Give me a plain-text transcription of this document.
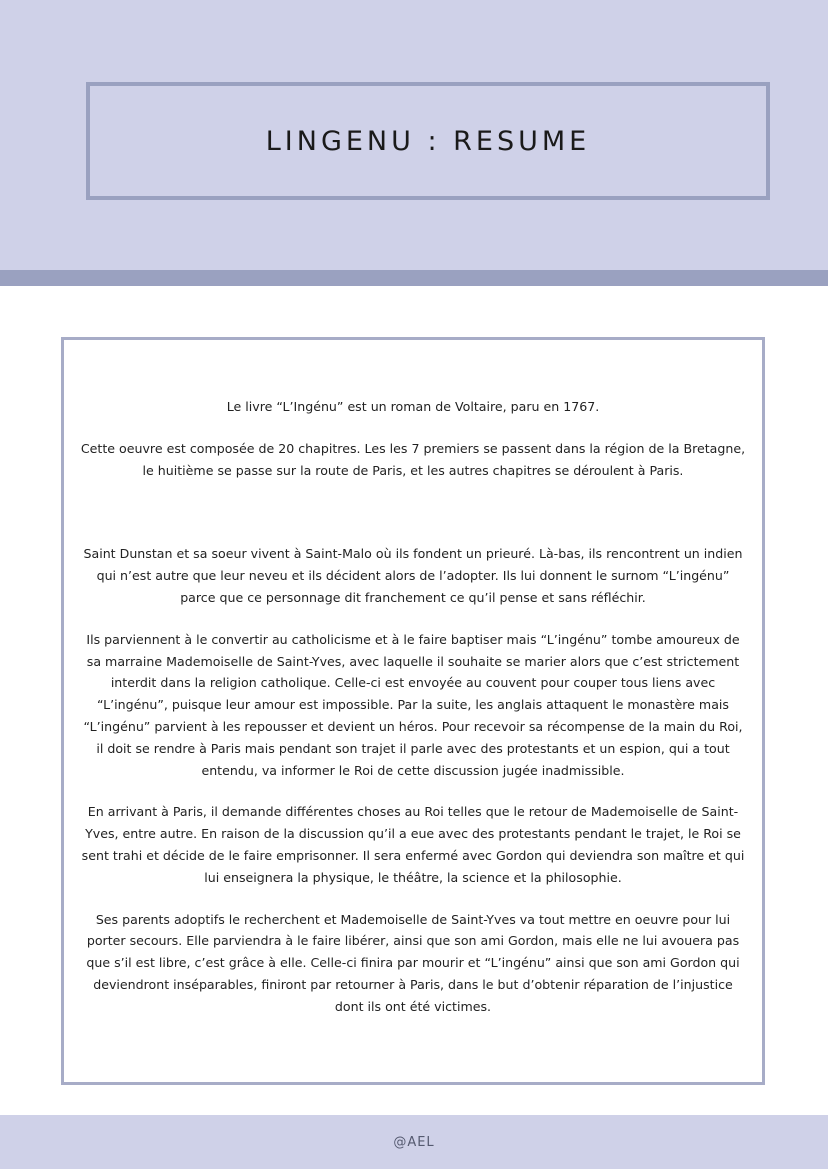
LINGENU : RESUME

Le livre “L’Ingénu” est un roman de Voltaire, paru en 1767.

Cette oeuvre est composée de 20 chapitres. Les les 7 premiers se passent dans la région de la Bretagne, le huitième se passe sur la route de Paris, et les autres chapitres se déroulent à Paris.

Saint Dunstan et sa soeur vivent à Saint-Malo où ils fondent un prieuré. Là-bas, ils rencontrent un indien qui n’est autre que leur neveu et ils décident alors de l’adopter. Ils lui donnent le surnom “L’ingénu” parce que ce personnage dit franchement ce qu’il pense et sans réfléchir.

Ils parviennent à le convertir au catholicisme et à le faire baptiser mais “L’ingénu” tombe amoureux de sa marraine Mademoiselle de Saint-Yves, avec laquelle il souhaite se marier alors que c’est strictement interdit dans la religion catholique. Celle-ci est envoyée au couvent pour couper tous liens avec “L’ingénu”, puisque leur amour est impossible. Par la suite, les anglais attaquent le monastère mais “L’ingénu” parvient à les repousser et devient un héros. Pour recevoir sa récompense de la main du Roi, il doit se rendre à Paris mais pendant son trajet il parle avec des protestants et un espion, qui a tout entendu, va informer le Roi de cette discussion jugée inadmissible.

En arrivant à Paris, il demande différentes choses au Roi telles que le retour de Mademoiselle de Saint-Yves, entre autre. En raison de la discussion qu’il a eue avec des protestants pendant le trajet, le Roi se sent trahi et décide de le faire emprisonner. Il sera enfermé avec Gordon qui deviendra son maître et qui lui enseignera la physique, le théâtre, la science et la philosophie.

Ses parents adoptifs le recherchent et Mademoiselle de Saint-Yves va tout mettre en oeuvre pour lui porter secours. Elle parviendra à le faire libérer, ainsi que son ami Gordon, mais elle ne lui avouera pas que s’il est libre, c’est grâce à elle. Celle-ci finira par mourir et “L’ingénu” ainsi que son ami Gordon qui deviendront inséparables, finiront par retourner à Paris, dans le but d’obtenir réparation de l’injustice dont ils ont été victimes.

@AEL
